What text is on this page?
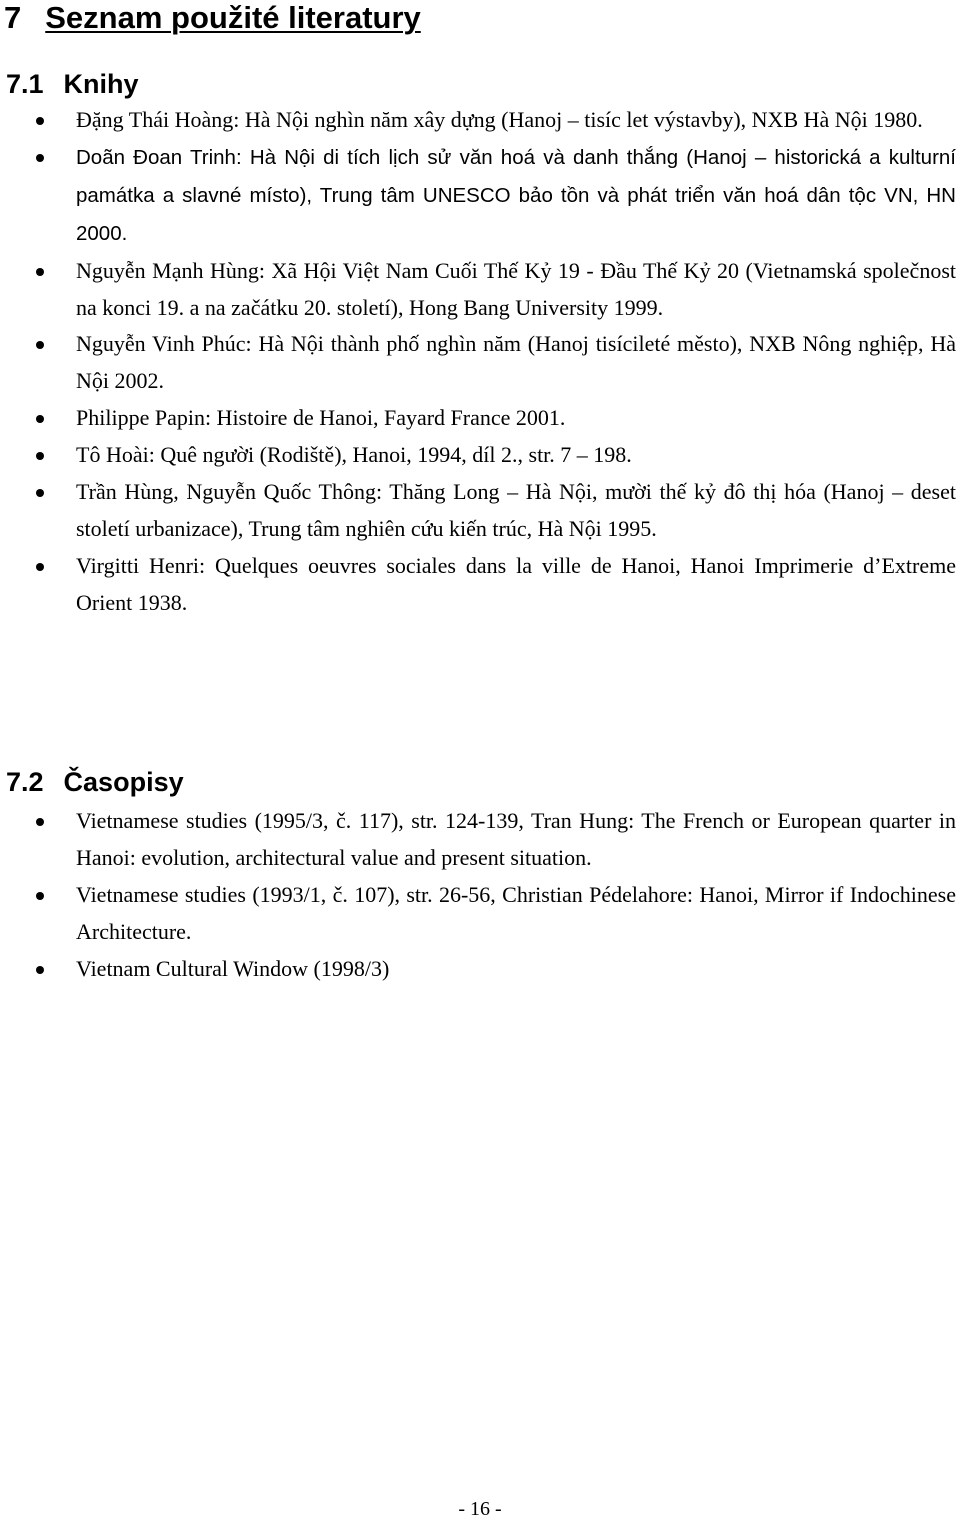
7 Seznam použité literatury
7.1 Knihy
Đặng Thái Hoàng: Hà Nội nghìn năm xây dựng (Hanoj – tisíc let výstavby), NXB Hà Nội 1980.
Doãn Đoan Trinh: Hà Nội di tích lịch sử văn hoá và danh thắng (Hanoj – historická a kulturní památka a slavné místo), Trung tâm UNESCO bảo tồn và phát triển văn hoá dân tộc VN, HN 2000.
Nguyễn Mạnh Hùng: Xã Hội Việt Nam Cuối Thế Kỷ 19 - Đầu Thế Kỷ 20 (Vietnamská společnost na konci 19. a na začátku 20. století), Hong Bang University 1999.
Nguyễn Vinh Phúc: Hà Nội thành phố nghìn năm (Hanoj tisícileté město), NXB Nông nghiệp, Hà Nội 2002.
Philippe Papin: Histoire de Hanoi, Fayard France 2001.
Tô Hoài: Quê người (Rodiště), Hanoi, 1994, díl 2., str. 7 – 198.
Trần Hùng, Nguyễn Quốc Thông: Thăng Long – Hà Nội, mười thế kỷ đô thị hóa (Hanoj – deset století urbanizace), Trung tâm nghiên cứu kiến trúc, Hà Nội 1995.
Virgitti Henri: Quelques oeuvres sociales dans la ville de Hanoi, Hanoi Imprimerie d’Extreme Orient 1938.
7.2 Časopisy
Vietnamese studies (1995/3, č. 117), str. 124-139, Tran Hung: The French or European quarter in Hanoi: evolution, architectural value and present situation.
Vietnamese studies (1993/1, č. 107), str. 26-56, Christian Pédelahore: Hanoi, Mirror if Indochinese Architecture.
Vietnam Cultural Window (1998/3)
- 16 -
